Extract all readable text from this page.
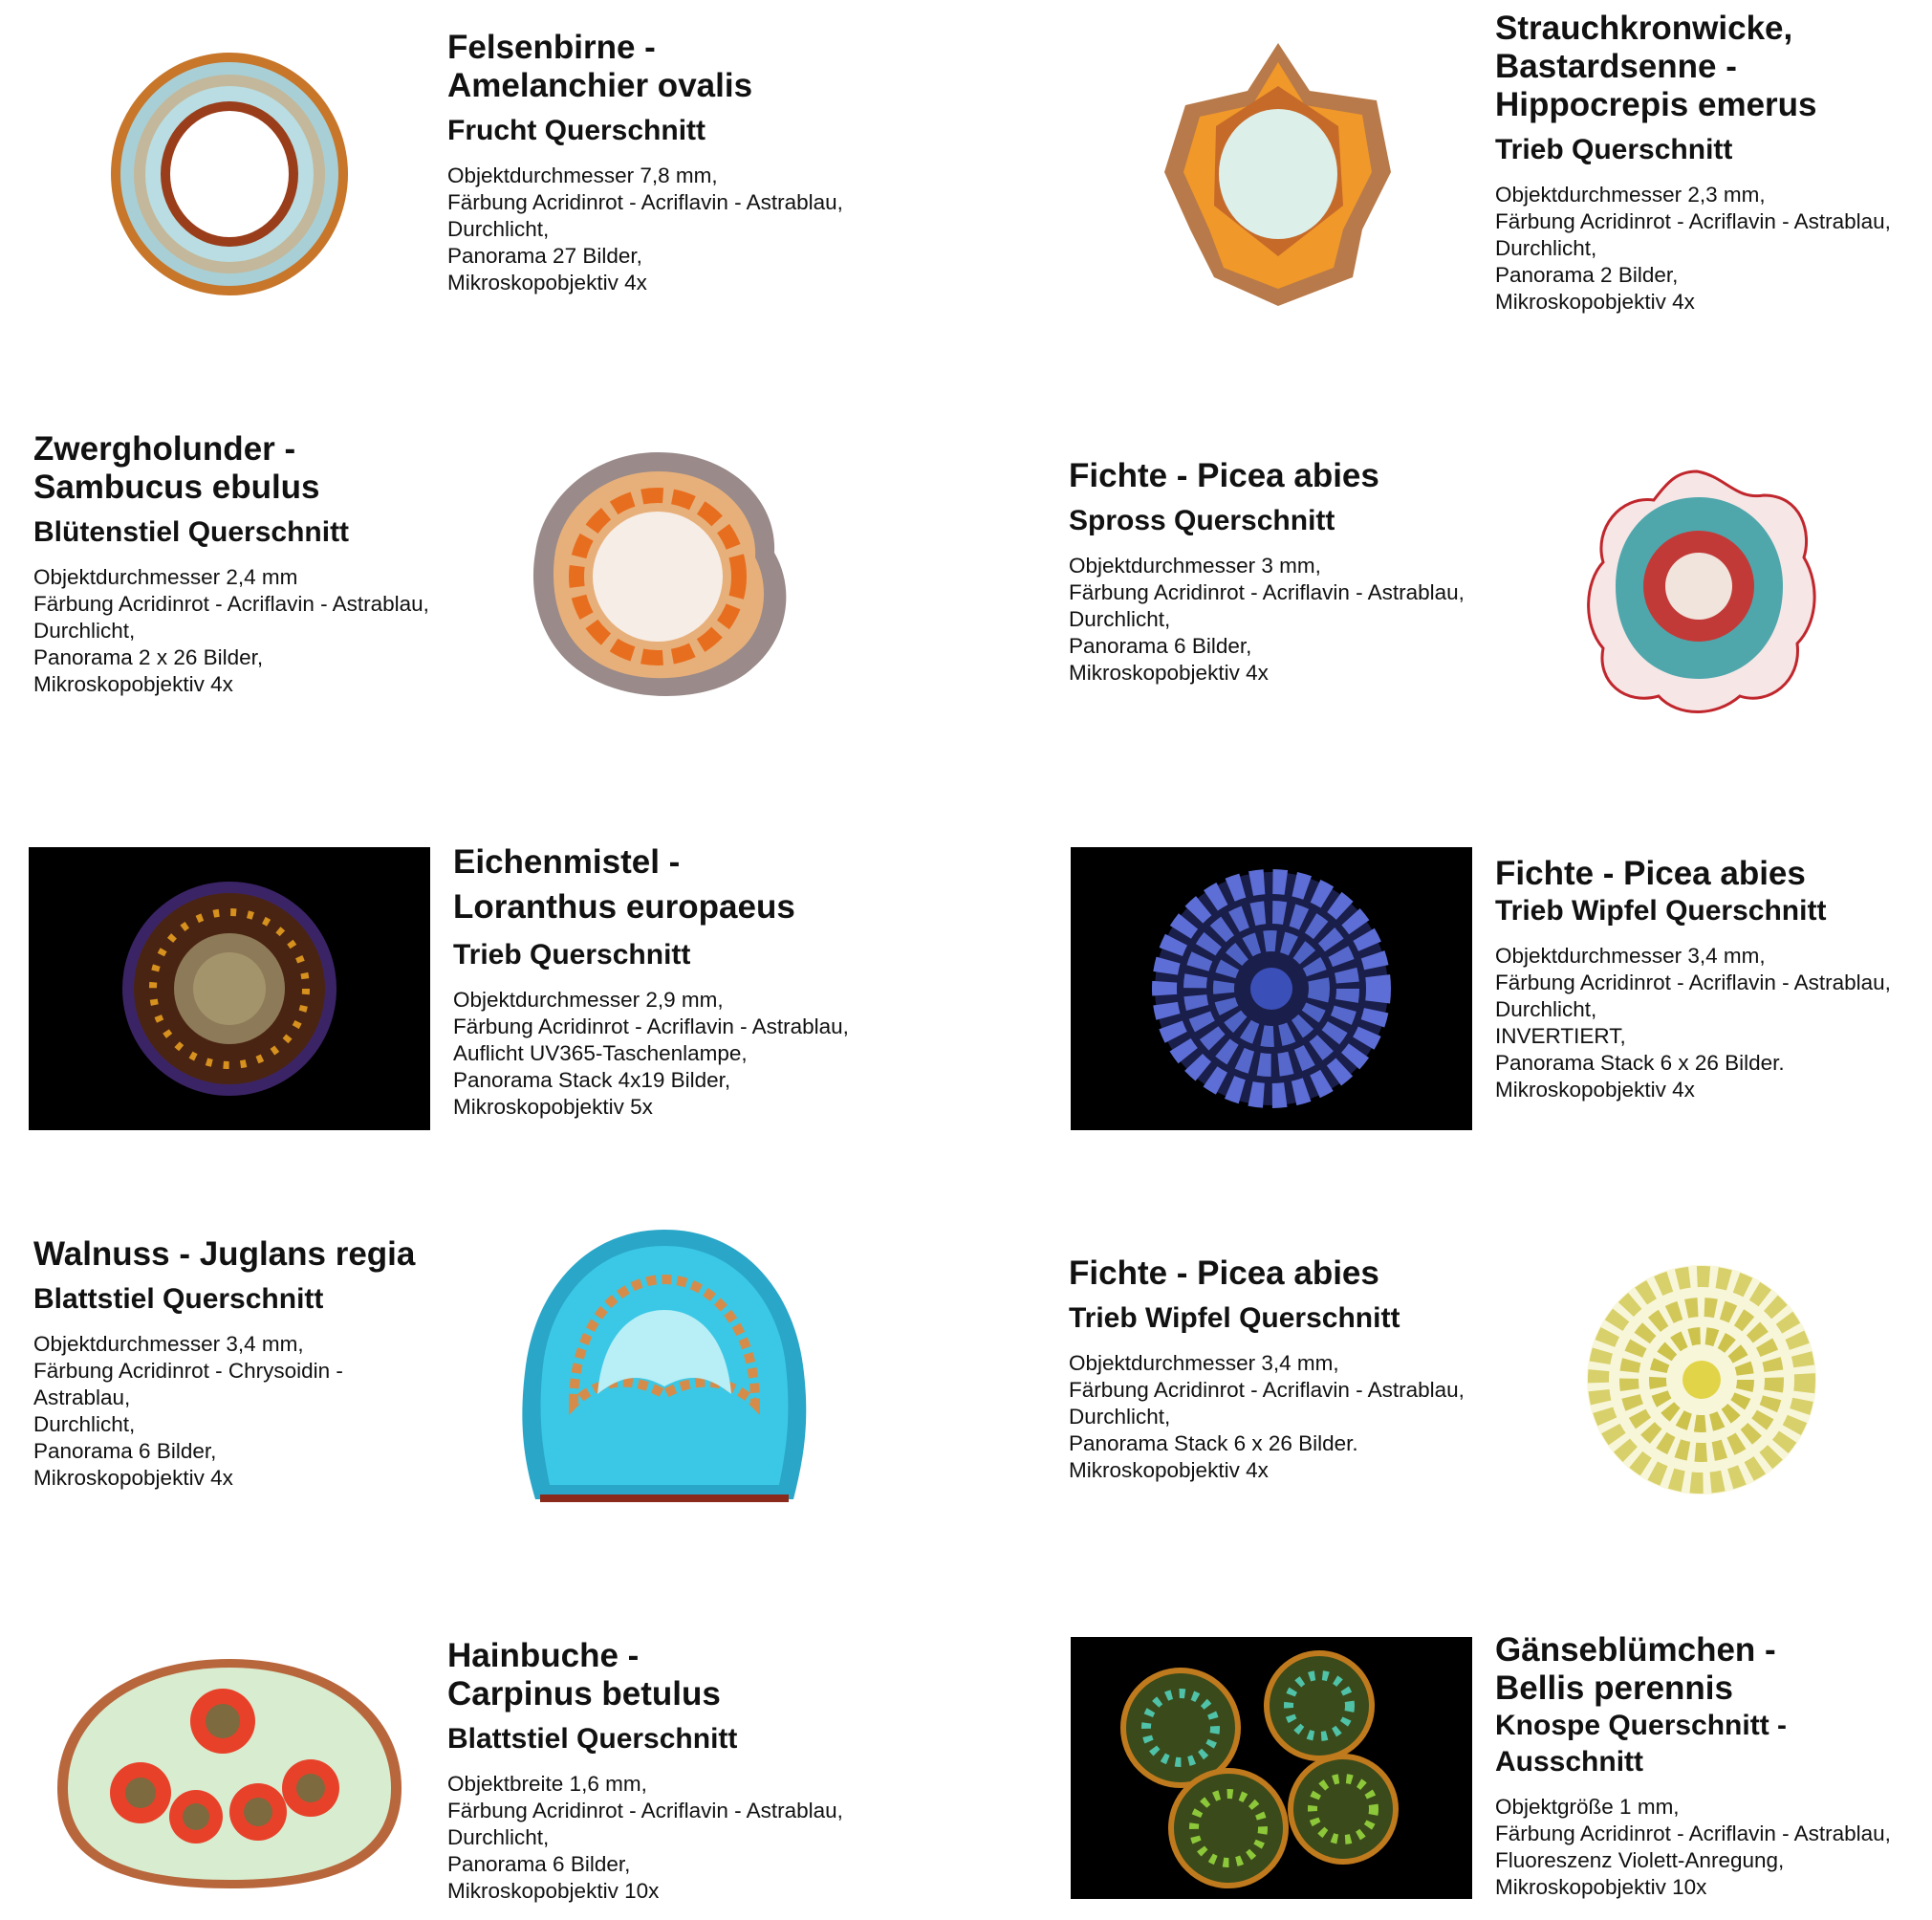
Felsenbirne -
Amelanchier ovalis

Frucht Querschnitt

Objektdurchmesser 7,8 mm,
Färbung Acridinrot - Acriflavin - Astrablau,
Durchlicht,
Panorama 27 Bilder,
Mikroskopobjektiv 4x

Strauchkronwicke,
Bastardsenne -
Hippocrepis emerus

Trieb Querschnitt

Objektdurchmesser 2,3 mm,
Färbung Acridinrot - Acriflavin - Astrablau,
Durchlicht,
Panorama 2 Bilder,
Mikroskopobjektiv 4x

Zwergholunder -
Sambucus ebulus

Blütenstiel Querschnitt

Objektdurchmesser 2,4 mm
Färbung Acridinrot - Acriflavin - Astrablau,
Durchlicht,
Panorama 2 x 26 Bilder,
Mikroskopobjektiv 4x

Fichte - Picea abies

Spross Querschnitt

Objektdurchmesser 3 mm,
Färbung Acridinrot - Acriflavin - Astrablau,
Durchlicht,
Panorama 6 Bilder,
Mikroskopobjektiv 4x

Eichenmistel -
Loranthus europaeus

Trieb Querschnitt

Objektdurchmesser 2,9 mm,
Färbung Acridinrot - Acriflavin - Astrablau,
Auflicht UV365-Taschenlampe,
Panorama Stack 4x19 Bilder,
Mikroskopobjektiv 5x

Fichte - Picea abies

Trieb Wipfel Querschnitt

Objektdurchmesser 3,4 mm,
Färbung Acridinrot - Acriflavin - Astrablau,
Durchlicht,
INVERTIERT,
Panorama Stack 6 x 26 Bilder.
Mikroskopobjektiv 4x

Walnuss - Juglans regia

Blattstiel Querschnitt

Objektdurchmesser 3,4 mm,
Färbung Acridinrot - Chrysoidin -
Astrablau,
Durchlicht,
Panorama 6 Bilder,
Mikroskopobjektiv 4x

Fichte - Picea abies

Trieb Wipfel Querschnitt

Objektdurchmesser 3,4 mm,
Färbung Acridinrot - Acriflavin - Astrablau,
Durchlicht,
Panorama Stack 6 x 26 Bilder.
Mikroskopobjektiv 4x

Hainbuche -
Carpinus betulus

Blattstiel Querschnitt

Objektbreite 1,6 mm,
Färbung Acridinrot - Acriflavin - Astrablau,
Durchlicht,
Panorama 6 Bilder,
Mikroskopobjektiv 10x

Gänseblümchen -
Bellis perennis

Knospe Querschnitt -
Ausschnitt

Objektgröße 1 mm,
Färbung Acridinrot - Acriflavin - Astrablau,
Fluoreszenz Violett-Anregung,
Mikroskopobjektiv 10x
